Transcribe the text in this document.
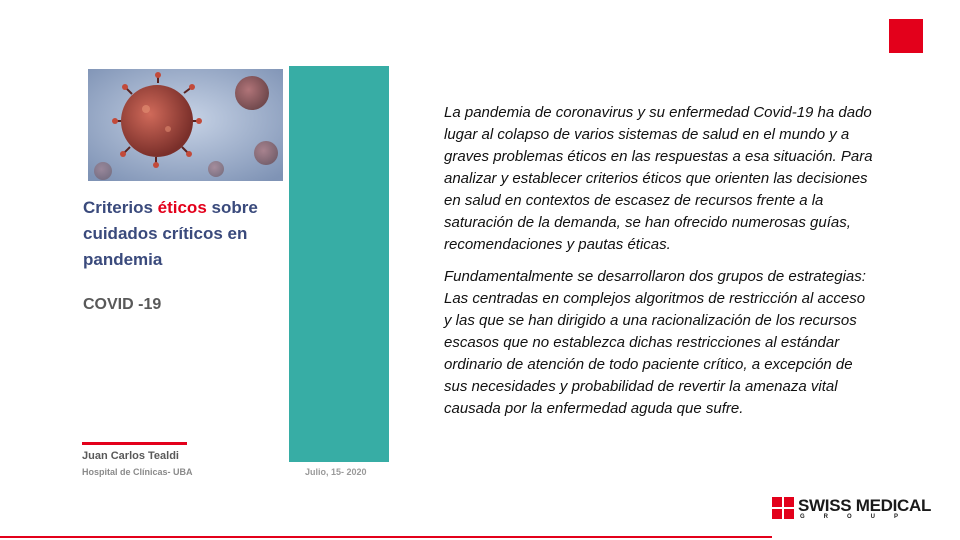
Criterios éticos sobre cuidados críticos en pandemia

COVID -19

Juan Carlos Tealdi

Hospital de Clínicas- UBA	Julio, 15- 2020

La pandemia de coronavirus y su enfermedad Covid-19 ha dado lugar al colapso de varios sistemas de salud en el mundo y a graves problemas éticos en las respuestas a esa situación. Para analizar y establecer criterios éticos que orienten las decisiones en salud en contextos de escasez de recursos frente a la saturación de la demanda, se han ofrecido numerosas guías, recomendaciones y pautas éticas.

Fundamentalmente se desarrollaron dos grupos de estrategias:
Las centradas en complejos algoritmos de restricción al acceso y las que se han dirigido a una racionalización de los recursos escasos que no establezca dichas restricciones al estándar ordinario de atención de todo paciente crítico, a excepción de sus necesidades y probabilidad de revertir la amenaza vital causada por la enfermedad aguda que sufre.

SWISS MEDICAL

GROUP
